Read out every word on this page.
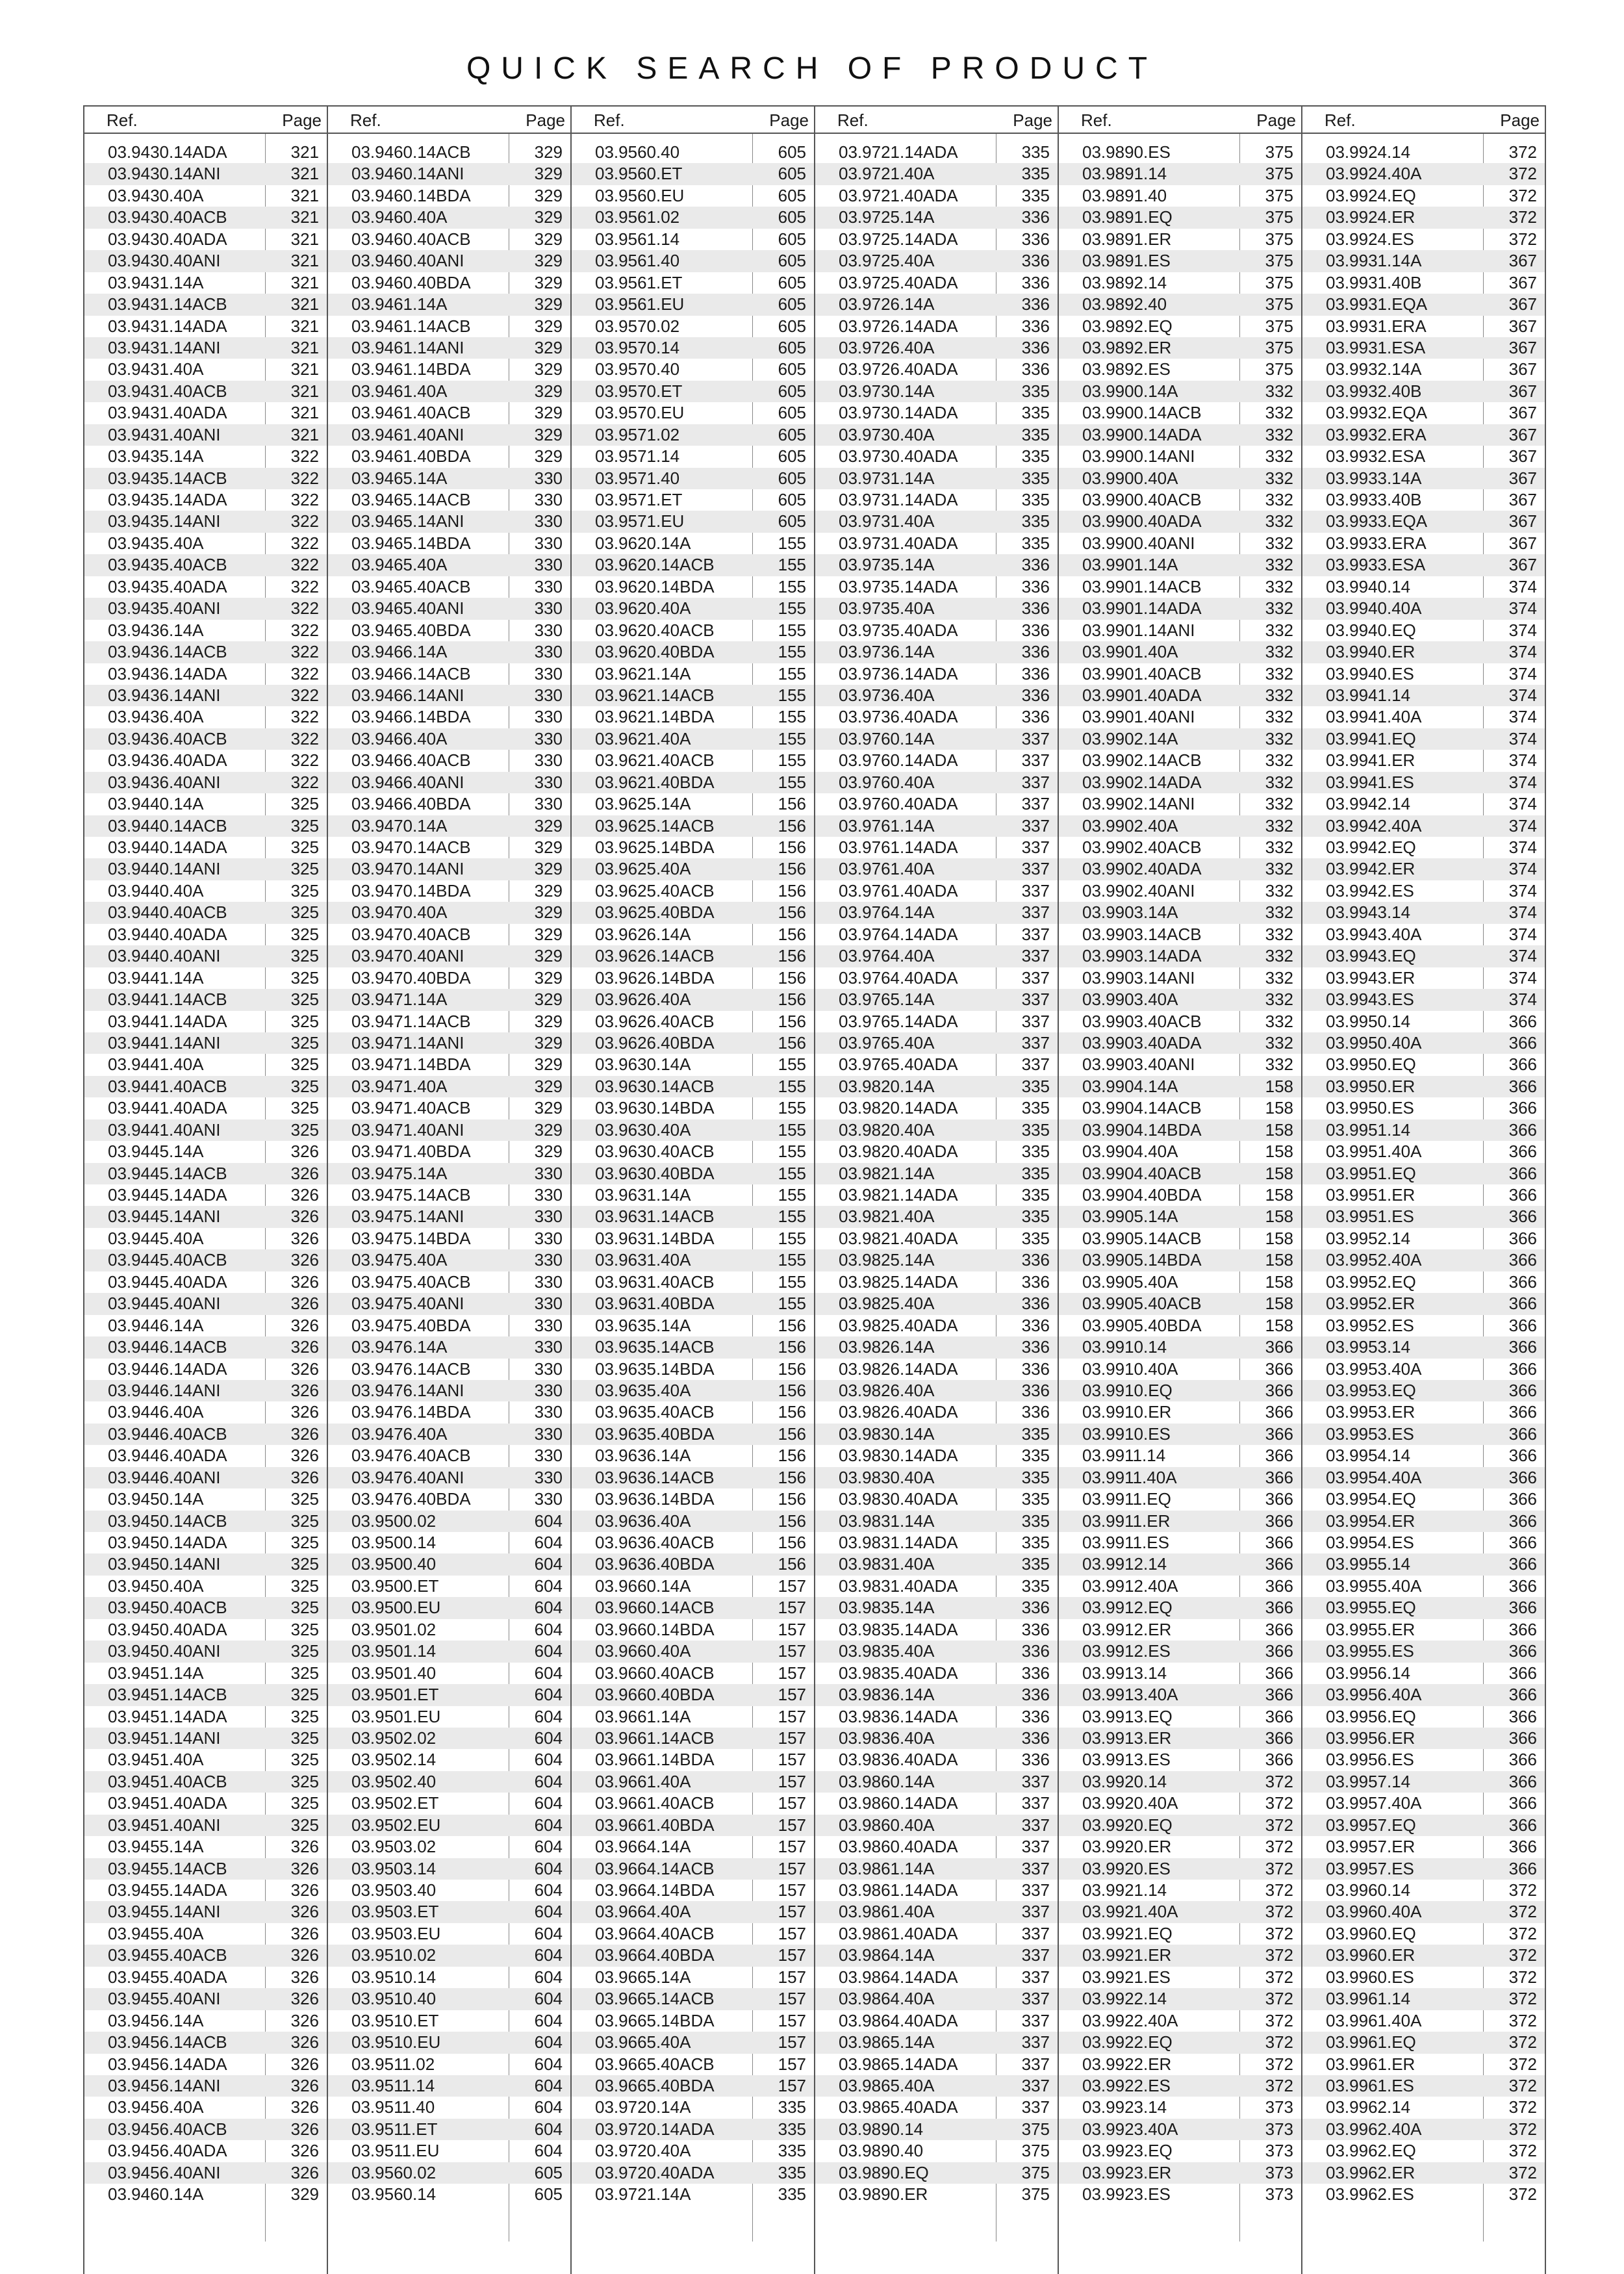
QUICK SEARCH OF PRODUCT
Ref.	Page
03.9430.14ADA	321
03.9430.14ANI	321
03.9430.40A	321
03.9430.40ACB	321
03.9430.40ADA	321
03.9430.40ANI	321
03.9431.14A	321
03.9431.14ACB	321
03.9431.14ADA	321
03.9431.14ANI	321
03.9431.40A	321
03.9431.40ACB	321
03.9431.40ADA	321
03.9431.40ANI	321
03.9435.14A	322
03.9435.14ACB	322
03.9435.14ADA	322
03.9435.14ANI	322
03.9435.40A	322
03.9435.40ACB	322
03.9435.40ADA	322
03.9435.40ANI	322
03.9436.14A	322
03.9436.14ACB	322
03.9436.14ADA	322
03.9436.14ANI	322
03.9436.40A	322
03.9436.40ACB	322
03.9436.40ADA	322
03.9436.40ANI	322
03.9440.14A	325
03.9440.14ACB	325
03.9440.14ADA	325
03.9440.14ANI	325
03.9440.40A	325
03.9440.40ACB	325
03.9440.40ADA	325
03.9440.40ANI	325
03.9441.14A	325
03.9441.14ACB	325
03.9441.14ADA	325
03.9441.14ANI	325
03.9441.40A	325
03.9441.40ACB	325
03.9441.40ADA	325
03.9441.40ANI	325
03.9445.14A	326
03.9445.14ACB	326
03.9445.14ADA	326
03.9445.14ANI	326
03.9445.40A	326
03.9445.40ACB	326
03.9445.40ADA	326
03.9445.40ANI	326
03.9446.14A	326
03.9446.14ACB	326
03.9446.14ADA	326
03.9446.14ANI	326
03.9446.40A	326
03.9446.40ACB	326
03.9446.40ADA	326
03.9446.40ANI	326
03.9450.14A	325
03.9450.14ACB	325
03.9450.14ADA	325
03.9450.14ANI	325
03.9450.40A	325
03.9450.40ACB	325
03.9450.40ADA	325
03.9450.40ANI	325
03.9451.14A	325
03.9451.14ACB	325
03.9451.14ADA	325
03.9451.14ANI	325
03.9451.40A	325
03.9451.40ACB	325
03.9451.40ADA	325
03.9451.40ANI	325
03.9455.14A	326
03.9455.14ACB	326
03.9455.14ADA	326
03.9455.14ANI	326
03.9455.40A	326
03.9455.40ACB	326
03.9455.40ADA	326
03.9455.40ANI	326
03.9456.14A	326
03.9456.14ACB	326
03.9456.14ADA	326
03.9456.14ANI	326
03.9456.40A	326
03.9456.40ACB	326
03.9456.40ADA	326
03.9456.40ANI	326
03.9460.14A	329
Ref.	Page
03.9460.14ACB	329
03.9460.14ANI	329
03.9460.14BDA	329
03.9460.40A	329
03.9460.40ACB	329
03.9460.40ANI	329
03.9460.40BDA	329
03.9461.14A	329
03.9461.14ACB	329
03.9461.14ANI	329
03.9461.14BDA	329
03.9461.40A	329
03.9461.40ACB	329
03.9461.40ANI	329
03.9461.40BDA	329
03.9465.14A	330
03.9465.14ACB	330
03.9465.14ANI	330
03.9465.14BDA	330
03.9465.40A	330
03.9465.40ACB	330
03.9465.40ANI	330
03.9465.40BDA	330
03.9466.14A	330
03.9466.14ACB	330
03.9466.14ANI	330
03.9466.14BDA	330
03.9466.40A	330
03.9466.40ACB	330
03.9466.40ANI	330
03.9466.40BDA	330
03.9470.14A	329
03.9470.14ACB	329
03.9470.14ANI	329
03.9470.14BDA	329
03.9470.40A	329
03.9470.40ACB	329
03.9470.40ANI	329
03.9470.40BDA	329
03.9471.14A	329
03.9471.14ACB	329
03.9471.14ANI	329
03.9471.14BDA	329
03.9471.40A	329
03.9471.40ACB	329
03.9471.40ANI	329
03.9471.40BDA	329
03.9475.14A	330
03.9475.14ACB	330
03.9475.14ANI	330
03.9475.14BDA	330
03.9475.40A	330
03.9475.40ACB	330
03.9475.40ANI	330
03.9475.40BDA	330
03.9476.14A	330
03.9476.14ACB	330
03.9476.14ANI	330
03.9476.14BDA	330
03.9476.40A	330
03.9476.40ACB	330
03.9476.40ANI	330
03.9476.40BDA	330
03.9500.02	604
03.9500.14	604
03.9500.40	604
03.9500.ET	604
03.9500.EU	604
03.9501.02	604
03.9501.14	604
03.9501.40	604
03.9501.ET	604
03.9501.EU	604
03.9502.02	604
03.9502.14	604
03.9502.40	604
03.9502.ET	604
03.9502.EU	604
03.9503.02	604
03.9503.14	604
03.9503.40	604
03.9503.ET	604
03.9503.EU	604
03.9510.02	604
03.9510.14	604
03.9510.40	604
03.9510.ET	604
03.9510.EU	604
03.9511.02	604
03.9511.14	604
03.9511.40	604
03.9511.ET	604
03.9511.EU	604
03.9560.02	605
03.9560.14	605
Ref.	Page
03.9560.40	605
03.9560.ET	605
03.9560.EU	605
03.9561.02	605
03.9561.14	605
03.9561.40	605
03.9561.ET	605
03.9561.EU	605
03.9570.02	605
03.9570.14	605
03.9570.40	605
03.9570.ET	605
03.9570.EU	605
03.9571.02	605
03.9571.14	605
03.9571.40	605
03.9571.ET	605
03.9571.EU	605
03.9620.14A	155
03.9620.14ACB	155
03.9620.14BDA	155
03.9620.40A	155
03.9620.40ACB	155
03.9620.40BDA	155
03.9621.14A	155
03.9621.14ACB	155
03.9621.14BDA	155
03.9621.40A	155
03.9621.40ACB	155
03.9621.40BDA	155
03.9625.14A	156
03.9625.14ACB	156
03.9625.14BDA	156
03.9625.40A	156
03.9625.40ACB	156
03.9625.40BDA	156
03.9626.14A	156
03.9626.14ACB	156
03.9626.14BDA	156
03.9626.40A	156
03.9626.40ACB	156
03.9626.40BDA	156
03.9630.14A	155
03.9630.14ACB	155
03.9630.14BDA	155
03.9630.40A	155
03.9630.40ACB	155
03.9630.40BDA	155
03.9631.14A	155
03.9631.14ACB	155
03.9631.14BDA	155
03.9631.40A	155
03.9631.40ACB	155
03.9631.40BDA	155
03.9635.14A	156
03.9635.14ACB	156
03.9635.14BDA	156
03.9635.40A	156
03.9635.40ACB	156
03.9635.40BDA	156
03.9636.14A	156
03.9636.14ACB	156
03.9636.14BDA	156
03.9636.40A	156
03.9636.40ACB	156
03.9636.40BDA	156
03.9660.14A	157
03.9660.14ACB	157
03.9660.14BDA	157
03.9660.40A	157
03.9660.40ACB	157
03.9660.40BDA	157
03.9661.14A	157
03.9661.14ACB	157
03.9661.14BDA	157
03.9661.40A	157
03.9661.40ACB	157
03.9661.40BDA	157
03.9664.14A	157
03.9664.14ACB	157
03.9664.14BDA	157
03.9664.40A	157
03.9664.40ACB	157
03.9664.40BDA	157
03.9665.14A	157
03.9665.14ACB	157
03.9665.14BDA	157
03.9665.40A	157
03.9665.40ACB	157
03.9665.40BDA	157
03.9720.14A	335
03.9720.14ADA	335
03.9720.40A	335
03.9720.40ADA	335
03.9721.14A	335
Ref.	Page
03.9721.14ADA	335
03.9721.40A	335
03.9721.40ADA	335
03.9725.14A	336
03.9725.14ADA	336
03.9725.40A	336
03.9725.40ADA	336
03.9726.14A	336
03.9726.14ADA	336
03.9726.40A	336
03.9726.40ADA	336
03.9730.14A	335
03.9730.14ADA	335
03.9730.40A	335
03.9730.40ADA	335
03.9731.14A	335
03.9731.14ADA	335
03.9731.40A	335
03.9731.40ADA	335
03.9735.14A	336
03.9735.14ADA	336
03.9735.40A	336
03.9735.40ADA	336
03.9736.14A	336
03.9736.14ADA	336
03.9736.40A	336
03.9736.40ADA	336
03.9760.14A	337
03.9760.14ADA	337
03.9760.40A	337
03.9760.40ADA	337
03.9761.14A	337
03.9761.14ADA	337
03.9761.40A	337
03.9761.40ADA	337
03.9764.14A	337
03.9764.14ADA	337
03.9764.40A	337
03.9764.40ADA	337
03.9765.14A	337
03.9765.14ADA	337
03.9765.40A	337
03.9765.40ADA	337
03.9820.14A	335
03.9820.14ADA	335
03.9820.40A	335
03.9820.40ADA	335
03.9821.14A	335
03.9821.14ADA	335
03.9821.40A	335
03.9821.40ADA	335
03.9825.14A	336
03.9825.14ADA	336
03.9825.40A	336
03.9825.40ADA	336
03.9826.14A	336
03.9826.14ADA	336
03.9826.40A	336
03.9826.40ADA	336
03.9830.14A	335
03.9830.14ADA	335
03.9830.40A	335
03.9830.40ADA	335
03.9831.14A	335
03.9831.14ADA	335
03.9831.40A	335
03.9831.40ADA	335
03.9835.14A	336
03.9835.14ADA	336
03.9835.40A	336
03.9835.40ADA	336
03.9836.14A	336
03.9836.14ADA	336
03.9836.40A	336
03.9836.40ADA	336
03.9860.14A	337
03.9860.14ADA	337
03.9860.40A	337
03.9860.40ADA	337
03.9861.14A	337
03.9861.14ADA	337
03.9861.40A	337
03.9861.40ADA	337
03.9864.14A	337
03.9864.14ADA	337
03.9864.40A	337
03.9864.40ADA	337
03.9865.14A	337
03.9865.14ADA	337
03.9865.40A	337
03.9865.40ADA	337
03.9890.14	375
03.9890.40	375
03.9890.EQ	375
03.9890.ER	375
Ref.	Page
03.9890.ES	375
03.9891.14	375
03.9891.40	375
03.9891.EQ	375
03.9891.ER	375
03.9891.ES	375
03.9892.14	375
03.9892.40	375
03.9892.EQ	375
03.9892.ER	375
03.9892.ES	375
03.9900.14A	332
03.9900.14ACB	332
03.9900.14ADA	332
03.9900.14ANI	332
03.9900.40A	332
03.9900.40ACB	332
03.9900.40ADA	332
03.9900.40ANI	332
03.9901.14A	332
03.9901.14ACB	332
03.9901.14ADA	332
03.9901.14ANI	332
03.9901.40A	332
03.9901.40ACB	332
03.9901.40ADA	332
03.9901.40ANI	332
03.9902.14A	332
03.9902.14ACB	332
03.9902.14ADA	332
03.9902.14ANI	332
03.9902.40A	332
03.9902.40ACB	332
03.9902.40ADA	332
03.9902.40ANI	332
03.9903.14A	332
03.9903.14ACB	332
03.9903.14ADA	332
03.9903.14ANI	332
03.9903.40A	332
03.9903.40ACB	332
03.9903.40ADA	332
03.9903.40ANI	332
03.9904.14A	158
03.9904.14ACB	158
03.9904.14BDA	158
03.9904.40A	158
03.9904.40ACB	158
03.9904.40BDA	158
03.9905.14A	158
03.9905.14ACB	158
03.9905.14BDA	158
03.9905.40A	158
03.9905.40ACB	158
03.9905.40BDA	158
03.9910.14	366
03.9910.40A	366
03.9910.EQ	366
03.9910.ER	366
03.9910.ES	366
03.9911.14	366
03.9911.40A	366
03.9911.EQ	366
03.9911.ER	366
03.9911.ES	366
03.9912.14	366
03.9912.40A	366
03.9912.EQ	366
03.9912.ER	366
03.9912.ES	366
03.9913.14	366
03.9913.40A	366
03.9913.EQ	366
03.9913.ER	366
03.9913.ES	366
03.9920.14	372
03.9920.40A	372
03.9920.EQ	372
03.9920.ER	372
03.9920.ES	372
03.9921.14	372
03.9921.40A	372
03.9921.EQ	372
03.9921.ER	372
03.9921.ES	372
03.9922.14	372
03.9922.40A	372
03.9922.EQ	372
03.9922.ER	372
03.9922.ES	372
03.9923.14	373
03.9923.40A	373
03.9923.EQ	373
03.9923.ER	373
03.9923.ES	373
Ref.	Page
03.9924.14	372
03.9924.40A	372
03.9924.EQ	372
03.9924.ER	372
03.9924.ES	372
03.9931.14A	367
03.9931.40B	367
03.9931.EQA	367
03.9931.ERA	367
03.9931.ESA	367
03.9932.14A	367
03.9932.40B	367
03.9932.EQA	367
03.9932.ERA	367
03.9932.ESA	367
03.9933.14A	367
03.9933.40B	367
03.9933.EQA	367
03.9933.ERA	367
03.9933.ESA	367
03.9940.14	374
03.9940.40A	374
03.9940.EQ	374
03.9940.ER	374
03.9940.ES	374
03.9941.14	374
03.9941.40A	374
03.9941.EQ	374
03.9941.ER	374
03.9941.ES	374
03.9942.14	374
03.9942.40A	374
03.9942.EQ	374
03.9942.ER	374
03.9942.ES	374
03.9943.14	374
03.9943.40A	374
03.9943.EQ	374
03.9943.ER	374
03.9943.ES	374
03.9950.14	366
03.9950.40A	366
03.9950.EQ	366
03.9950.ER	366
03.9950.ES	366
03.9951.14	366
03.9951.40A	366
03.9951.EQ	366
03.9951.ER	366
03.9951.ES	366
03.9952.14	366
03.9952.40A	366
03.9952.EQ	366
03.9952.ER	366
03.9952.ES	366
03.9953.14	366
03.9953.40A	366
03.9953.EQ	366
03.9953.ER	366
03.9953.ES	366
03.9954.14	366
03.9954.40A	366
03.9954.EQ	366
03.9954.ER	366
03.9954.ES	366
03.9955.14	366
03.9955.40A	366
03.9955.EQ	366
03.9955.ER	366
03.9955.ES	366
03.9956.14	366
03.9956.40A	366
03.9956.EQ	366
03.9956.ER	366
03.9956.ES	366
03.9957.14	366
03.9957.40A	366
03.9957.EQ	366
03.9957.ER	366
03.9957.ES	366
03.9960.14	372
03.9960.40A	372
03.9960.EQ	372
03.9960.ER	372
03.9960.ES	372
03.9961.14	372
03.9961.40A	372
03.9961.EQ	372
03.9961.ER	372
03.9961.ES	372
03.9962.14	372
03.9962.40A	372
03.9962.EQ	372
03.9962.ER	372
03.9962.ES	372
